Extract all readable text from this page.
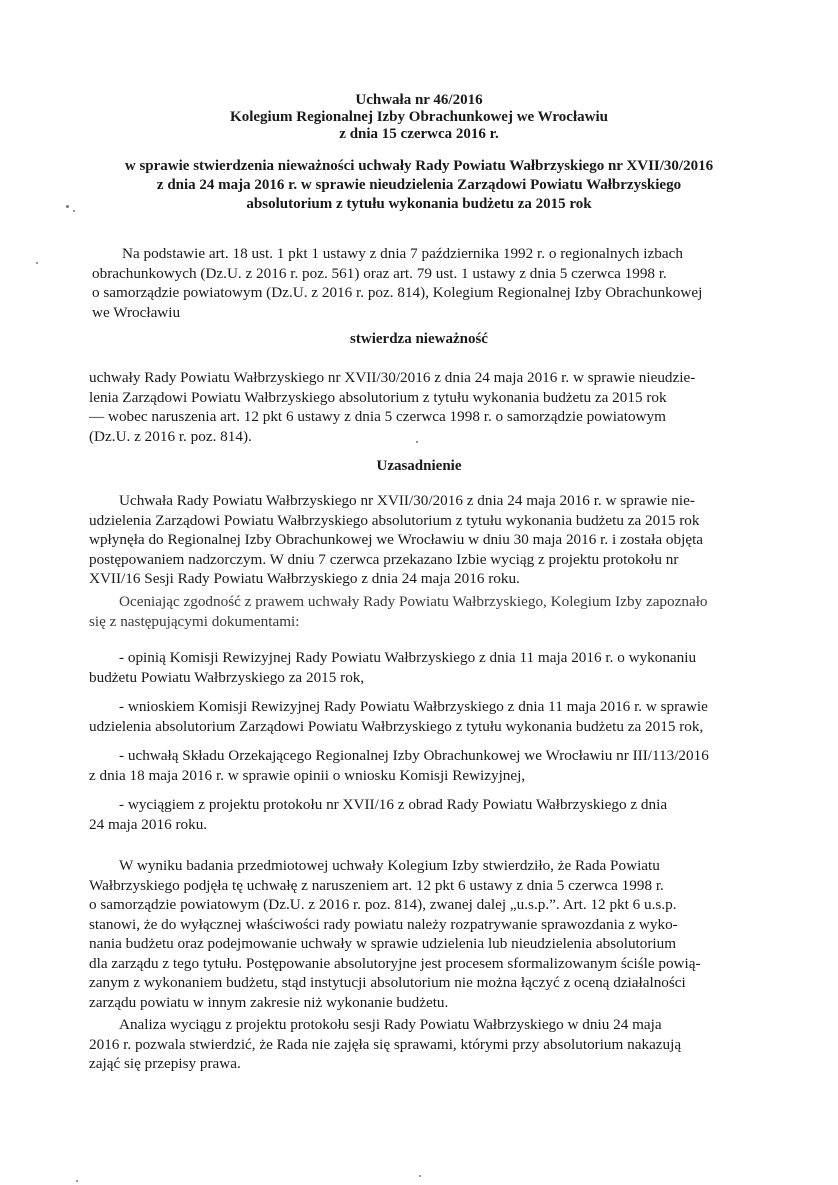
Uchwała nr 46/2016
Kolegium Regionalnej Izby Obrachunkowej we Wrocławiu
z dnia 15 czerwca 2016 r.
w sprawie stwierdzenia nieważności uchwały Rady Powiatu Wałbrzyskiego nr XVII/30/2016
z dnia 24 maja 2016 r. w sprawie nieudzielenia Zarządowi Powiatu Wałbrzyskiego
absolutorium z tytułu wykonania budżetu za 2015 rok
Na podstawie art. 18 ust. 1 pkt 1 ustawy z dnia 7 października 1992 r. o regionalnych izbach
obrachunkowych (Dz.U. z 2016 r. poz. 561) oraz art. 79 ust. 1 ustawy z dnia 5 czerwca 1998 r.
o samorządzie powiatowym (Dz.U. z 2016 r. poz. 814), Kolegium Regionalnej Izby Obrachunkowej
we Wrocławiu
stwierdza nieważność
uchwały Rady Powiatu Wałbrzyskiego nr XVII/30/2016 z dnia 24 maja 2016 r. w sprawie nieudzie-
lenia Zarządowi Powiatu Wałbrzyskiego absolutorium z tytułu wykonania budżetu za 2015 rok
— wobec naruszenia art. 12 pkt 6 ustawy z dnia 5 czerwca 1998 r. o samorządzie powiatowym
(Dz.U. z 2016 r. poz. 814).
Uzasadnienie
Uchwała Rady Powiatu Wałbrzyskiego nr XVII/30/2016 z dnia 24 maja 2016 r. w sprawie nie-
udzielenia Zarządowi Powiatu Wałbrzyskiego absolutorium z tytułu wykonania budżetu za 2015 rok
wpłynęła do Regionalnej Izby Obrachunkowej we Wrocławiu w dniu 30 maja 2016 r. i została objęta
postępowaniem nadzorczym. W dniu 7 czerwca przekazano Izbie wyciąg z projektu protokołu nr
XVII/16 Sesji Rady Powiatu Wałbrzyskiego z dnia 24 maja 2016 roku.
Oceniając zgodność z prawem uchwały Rady Powiatu Wałbrzyskiego, Kolegium Izby zapoznało
się z następującymi dokumentami:
- opinią Komisji Rewizyjnej Rady Powiatu Wałbrzyskiego z dnia 11 maja 2016 r. o wykonaniu
budżetu Powiatu Wałbrzyskiego za 2015 rok,
- wnioskiem Komisji Rewizyjnej Rady Powiatu Wałbrzyskiego z dnia 11 maja 2016 r. w sprawie
udzielenia absolutorium Zarządowi Powiatu Wałbrzyskiego z tytułu wykonania budżetu za 2015 rok,
- uchwałą Składu Orzekającego Regionalnej Izby Obrachunkowej we Wrocławiu nr III/113/2016
z dnia 18 maja 2016 r. w sprawie opinii o wniosku Komisji Rewizyjnej,
- wyciągiem z projektu protokołu nr XVII/16 z obrad Rady Powiatu Wałbrzyskiego z dnia
24 maja 2016 roku.
W wyniku badania przedmiotowej uchwały Kolegium Izby stwierdziło, że Rada Powiatu
Wałbrzyskiego podjęła tę uchwałę z naruszeniem art. 12 pkt 6 ustawy z dnia 5 czerwca 1998 r.
o samorządzie powiatowym (Dz.U. z 2016 r. poz. 814), zwanej dalej „u.s.p.”. Art. 12 pkt 6 u.s.p.
stanowi, że do wyłącznej właściwości rady powiatu należy rozpatrywanie sprawozdania z wyko-
nania budżetu oraz podejmowanie uchwały w sprawie udzielenia lub nieudzielenia absolutorium
dla zarządu z tego tytułu. Postępowanie absolutoryjne jest procesem sformalizowanym ściśle powią-
zanym z wykonaniem budżetu, stąd instytucji absolutorium nie można łączyć z oceną działalności
zarządu powiatu w innym zakresie niż wykonanie budżetu.
Analiza wyciągu z projektu protokołu sesji Rady Powiatu Wałbrzyskiego w dniu 24 maja
2016 r. pozwala stwierdzić, że Rada nie zajęła się sprawami, którymi przy absolutorium nakazują
zająć się przepisy prawa.
